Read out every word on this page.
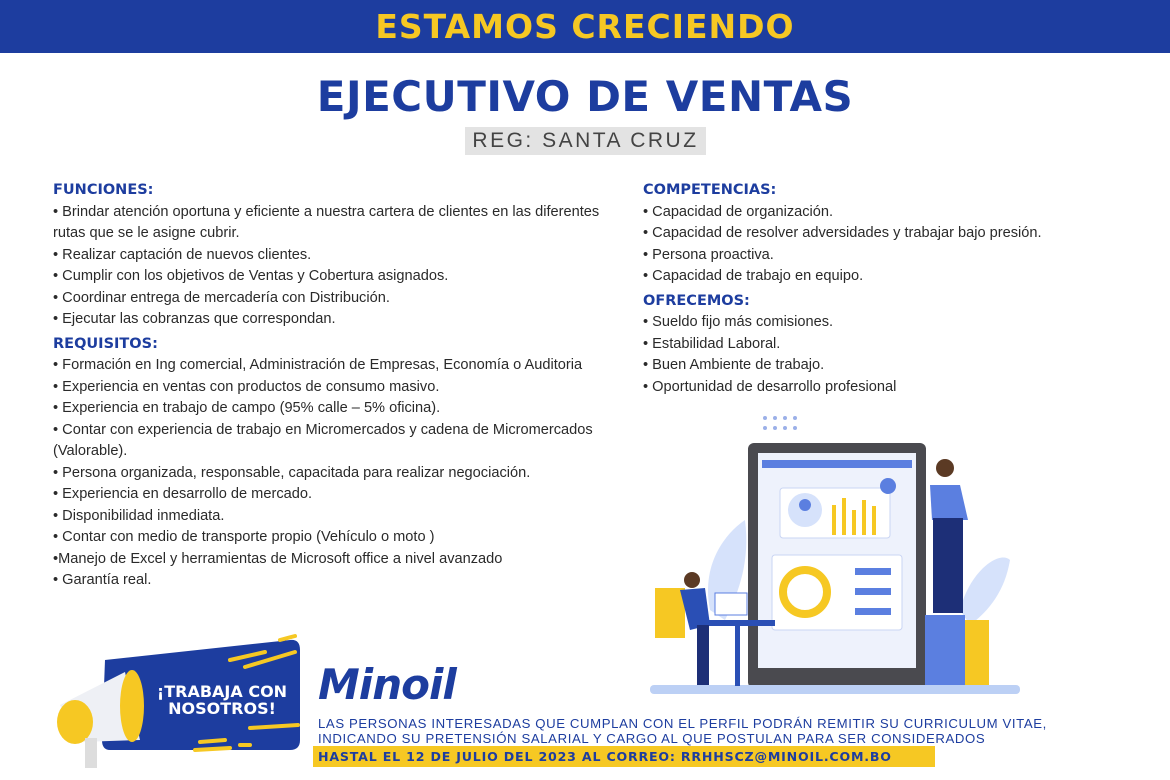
ESTAMOS CRECIENDO
EJECUTIVO DE VENTAS
REG: SANTA CRUZ
FUNCIONES:
• Brindar atención oportuna y eficiente a nuestra cartera de clientes en las diferentes rutas que se le asigne cubrir.
• Realizar captación de nuevos clientes.
• Cumplir con los objetivos de Ventas y Cobertura asignados.
• Coordinar entrega de mercadería con Distribución.
• Ejecutar las cobranzas que correspondan.
REQUISITOS:
• Formación en Ing comercial, Administración de Empresas, Economía o Auditoria
• Experiencia en ventas con productos de consumo masivo.
• Experiencia en trabajo de campo (95% calle – 5% oficina).
• Contar con experiencia de trabajo en Micromercados y cadena de Micromercados (Valorable).
• Persona organizada, responsable, capacitada para realizar negociación.
• Experiencia en desarrollo de mercado.
• Disponibilidad inmediata.
• Contar con medio de transporte propio (Vehículo o moto )
•Manejo de Excel y herramientas de Microsoft office a nivel avanzado
• Garantía real.
COMPETENCIAS:
• Capacidad de organización.
• Capacidad de resolver adversidades y trabajar bajo presión.
• Persona proactiva.
• Capacidad de trabajo en equipo.
OFRECEMOS:
• Sueldo fijo más comisiones.
• Estabilidad Laboral.
• Buen Ambiente de trabajo.
• Oportunidad de desarrollo profesional
¡TRABAJA CON
NOSOTROS! Minoil
LAS PERSONAS INTERESADAS QUE CUMPLAN CON EL PERFIL PODRÁN REMITIR SU CURRICULUM VITAE,
INDICANDO SU PRETENSIÓN SALARIAL Y CARGO AL QUE POSTULAN PARA SER CONSIDERADOS
HASTAL EL 12 DE JULIO DEL 2023 AL CORREO: RRHHSCZ@MINOIL.COM.BO
